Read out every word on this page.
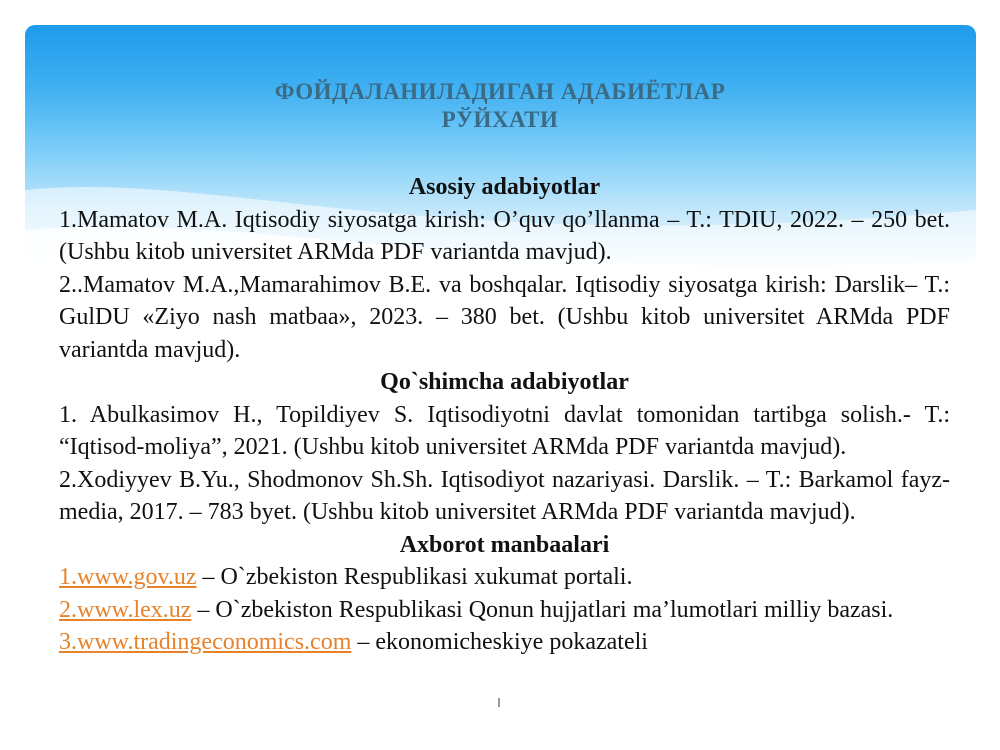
ФОЙДАЛАНИЛАДИГАН АДАБИЁТЛАР
РЎЙХАТИ

Asosiy adabiyotlar

1.Mamatov M.A. Iqtisodiy siyosatga kirish: O’quv qo’llanma – T.: TDIU, 2022. – 250 bet. (Ushbu kitob universitet ARMda PDF variantda mavjud).

2..Mamatov M.A.,Mamarahimov B.E. va boshqalar. Iqtisodiy siyosatga kirish: Darslik– T.: GulDU «Ziyo nash matbaa», 2023. – 380 bet. (Ushbu kitob universitet ARMda PDF variantda mavjud).

Qo`shimcha adabiyotlar

1. Abulkasimov H., Topildiyev S. Iqtisodiyotni davlat tomonidan tartibga solish.- T.: “Iqtisod-moliya”, 2021. (Ushbu kitob universitet ARMda PDF variantda mavjud).

2.Xodiyyev B.Yu., Shodmonov Sh.Sh. Iqtisodiyot nazariyasi. Darslik. – T.: Barkamol fayz- media, 2017. – 783 byet. (Ushbu kitob universitet ARMda PDF variantda mavjud).

Axborot manbaalari

1.www.gov.uz – O`zbekiston Respublikasi xukumat portali.

2.www.lex.uz – O`zbekiston Respublikasi Qonun hujjatlari ma’lumotlari milliy bazasi.

3.www.tradingeconomics.com – ekonomicheskiye pokazateli
